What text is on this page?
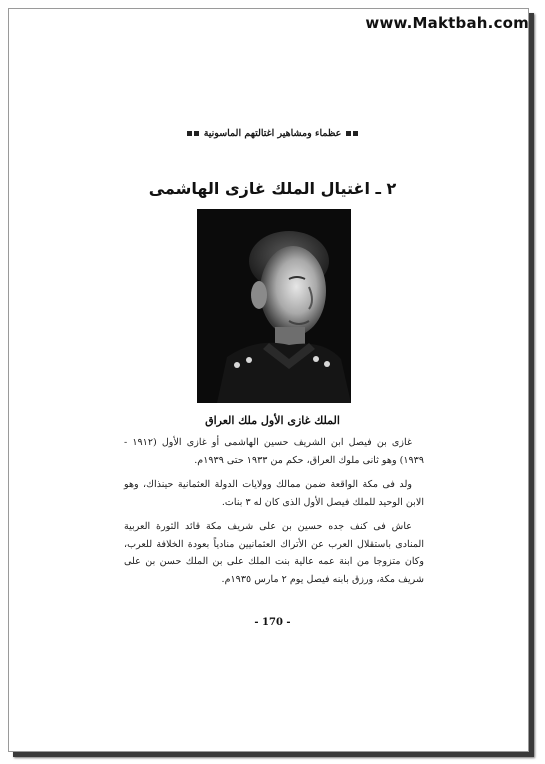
www.Maktbah.com
عظماء ومشاهير اغتالتهم الماسونية
٢ ـ اغتيال الملك غازى الهاشمى
الملك غازى الأول ملك العراق

غازى بن فيصل ابن الشريف حسين الهاشمى أو غازى الأول (١٩١٢ - ١٩٣٩) وهو ثانى ملوك العراق، حكم من ١٩٣٣ حتى ١٩٣٩م.

ولد فى مكة الواقعة ضمن ممالك وولايات الدولة العثمانية حينذاك، وهو الابن الوحيد للملك فيصل الأول الذى كان له ٣ بنات.

عاش فى كنف جده حسين بن على شريف مكة قائد الثورة العربية المنادى باستقلال العرب عن الأتراك العثمانيين منادياً بعودة الخلافة للعرب، وكان متزوجا من ابنة عمه عالية بنت الملك على بن الملك حسن بن على شريف مكة، ورزق بابنه فيصل يوم ٢ مارس ١٩٣٥م.

- 170 -
